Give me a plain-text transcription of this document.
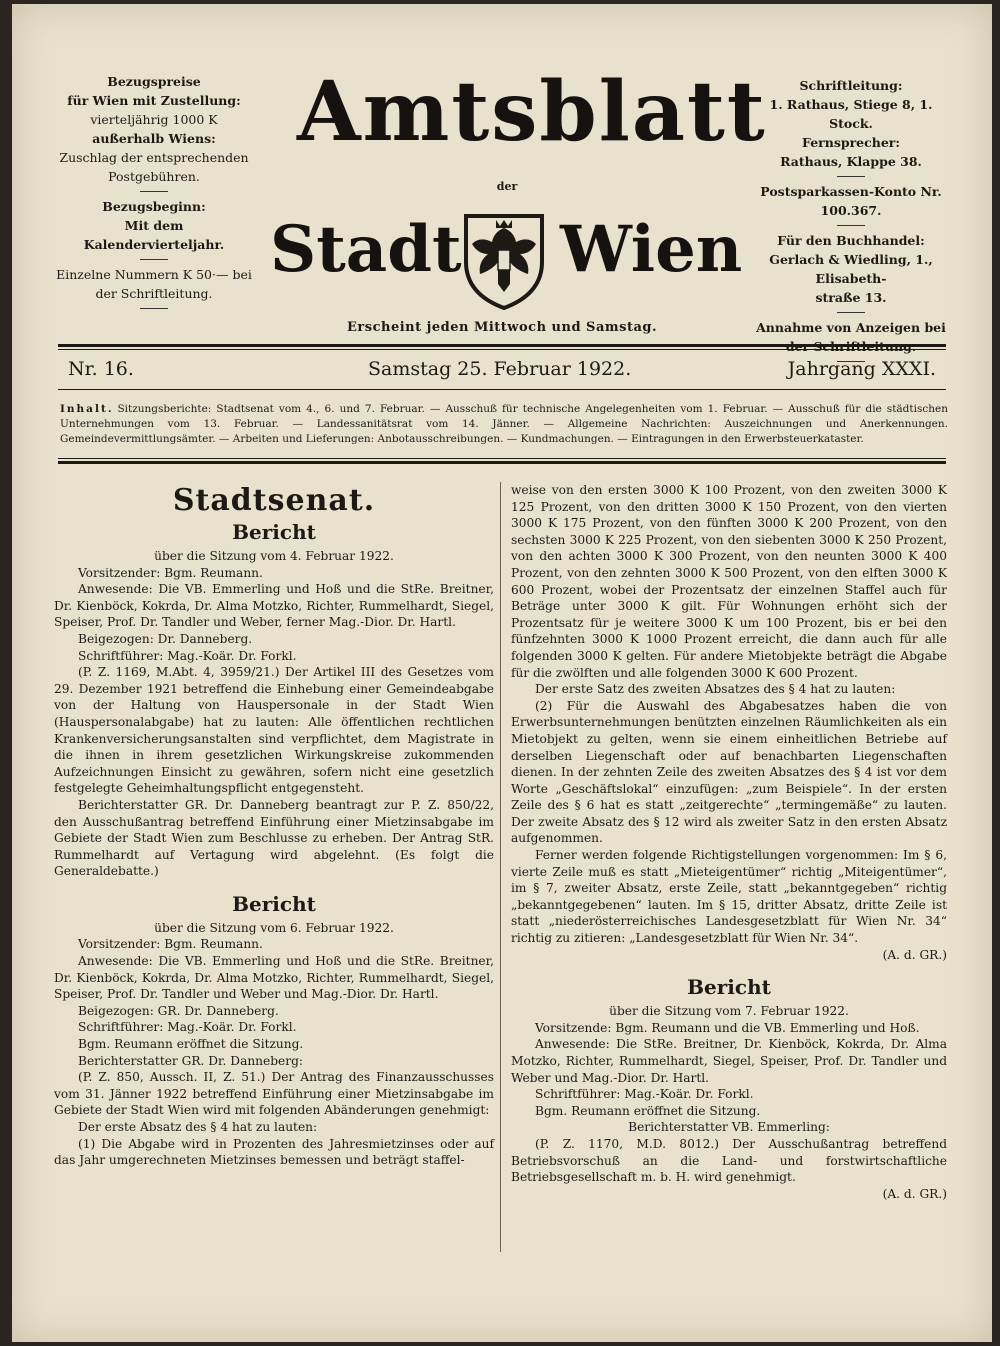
Bezugspreise
für Wien mit Zustellung:
vierteljährig 1000 K
außerhalb Wiens:
Zuschlag der entsprechenden
Postgebühren.
Bezugsbeginn:
Mit dem Kalendervierteljahr.
Einzelne Nummern K 50·— bei
der Schriftleitung.
Amtsblatt
der
Stadt Wien
Erscheint jeden Mittwoch und Samstag.
Schriftleitung:
1. Rathaus, Stiege 8, 1. Stock.
Fernsprecher:
Rathaus, Klappe 38.
Postsparkassen-Konto Nr. 100.367.
Für den Buchhandel:
Gerlach & Wiedling, 1., Elisabeth-
straße 13.
Annahme von Anzeigen bei
Nr. 16.	Samstag 25. Februar 1922.	Jahrgang XXXI.
Inhalt. Sitzungsberichte: Stadtsenat vom 4., 6. und 7. Februar. — Ausschuß für technische Angelegenheiten vom 1. Februar. — Ausschuß für die städtischen Unternehmungen vom 13. Februar. — Landessanitätsrat vom 14. Jänner. — Allgemeine Nachrichten: Auszeichnungen und Anerkennungen. Gemeindevermittlungsämter. — Arbeiten und Lieferungen: Anbotausschreibungen. — Kundmachungen. — Eintragungen in den Erwerbsteuerkataster.
Stadtsenat.
Bericht

über die Sitzung vom 4. Februar 1922.

Vorsitzender: Bgm. Reumann.

Anwesende: Die VB. Emmerling und Hoß und die StRe. Breitner, Dr. Kienböck, Kokrda, Dr. Alma Motzko, Richter, Rummelhardt, Siegel, Speiser, Prof. Dr. Tandler und Weber, ferner Mag.-Dior. Dr. Hartl.

Beigezogen: Dr. Danneberg.

Schriftführer: Mag.-Koär. Dr. Forkl.

(P. Z. 1169, M.Abt. 4, 3959/21.) Der Artikel III des Gesetzes vom 29. Dezember 1921 betreffend die Einhebung einer Gemeindeabgabe von der Haltung von Hauspersonale in der Stadt Wien (Hauspersonalabgabe) hat zu lauten: Alle öffentlichen rechtlichen Krankenversicherungsanstalten sind verpflichtet, dem Magistrate in die ihnen in ihrem gesetzlichen Wirkungskreise zukommenden Aufzeichnungen Einsicht zu gewähren, sofern nicht eine gesetzlich festgelegte Geheimhaltungspflicht entgegensteht.

Berichterstatter GR. Dr. Danneberg beantragt zur P. Z. 850/22, den Ausschußantrag betreffend Einführung einer Mietzinsabgabe im Gebiete der Stadt Wien zum Beschlusse zu erheben. Der Antrag StR. Rummelhardt auf Vertagung wird abgelehnt. (Es folgt die Generaldebatte.)

Bericht

über die Sitzung vom 6. Februar 1922.

Vorsitzender: Bgm. Reumann.

Anwesende: Die VB. Emmerling und Hoß und die StRe. Breitner, Dr. Kienböck, Kokrda, Dr. Alma Motzko, Richter, Rummelhardt, Siegel, Speiser, Prof. Dr. Tandler und Weber und Mag.-Dior. Dr. Hartl.

Beigezogen: GR. Dr. Danneberg.

Schriftführer: Mag.-Koär. Dr. Forkl.

Bgm. Reumann eröffnet die Sitzung.

Berichterstatter GR. Dr. Danneberg:

(P. Z. 850, Aussch. II, Z. 51.) Der Antrag des Finanzausschusses vom 31. Jänner 1922 betreffend Einführung einer Mietzinsabgabe im Gebiete der Stadt Wien wird mit folgenden Abänderungen genehmigt:

Der erste Absatz des § 4 hat zu lauten:

(1) Die Abgabe wird in Prozenten des Jahresmietzinses oder auf das Jahr umgerechneten Mietzinses bemessen und beträgt staffel-

weise von den ersten 3000 K 100 Prozent, von den zweiten 3000 K 125 Prozent, von den dritten 3000 K 150 Prozent, von den vierten 3000 K 175 Prozent, von den fünften 3000 K 200 Prozent, von den sechsten 3000 K 225 Prozent, von den siebenten 3000 K 250 Prozent, von den achten 3000 K 300 Prozent, von den neunten 3000 K 400 Prozent, von den zehnten 3000 K 500 Prozent, von den elften 3000 K 600 Prozent, wobei der Prozentsatz der einzelnen Staffel auch für Beträge unter 3000 K gilt. Für Wohnungen erhöht sich der Prozentsatz für je weitere 3000 K um 100 Prozent, bis er bei den fünfzehnten 3000 K 1000 Prozent erreicht, die dann auch für alle folgenden 3000 K gelten. Für andere Mietobjekte beträgt die Abgabe für die zwölften und alle folgenden 3000 K 600 Prozent.

Der erste Satz des zweiten Absatzes des § 4 hat zu lauten:

(2) Für die Auswahl des Abgabesatzes haben die von Erwerbsunternehmungen benützten einzelnen Räumlichkeiten als ein Mietobjekt zu gelten, wenn sie einem einheitlichen Betriebe auf derselben Liegenschaft oder auf benachbarten Liegenschaften dienen. In der zehnten Zeile des zweiten Absatzes des § 4 ist vor dem Worte „Geschäftslokal“ einzufügen: „zum Beispiele“. In der ersten Zeile des § 6 hat es statt „zeitgerechte“ „termingemäße“ zu lauten. Der zweite Absatz des § 12 wird als zweiter Satz in den ersten Absatz aufgenommen.

Ferner werden folgende Richtigstellungen vorgenommen: Im § 6, vierte Zeile muß es statt „Mieteigentümer“ richtig „Miteigentümer“, im § 7, zweiter Absatz, erste Zeile, statt „bekanntgegeben“ richtig „bekanntgegebenen“ lauten. Im § 15, dritter Absatz, dritte Zeile ist statt „niederösterreichisches Landesgesetzblatt für Wien Nr. 34“ richtig zu zitieren: „Landesgesetzblatt für Wien Nr. 34“.

(A. d. GR.)

Bericht

über die Sitzung vom 7. Februar 1922.

Vorsitzende: Bgm. Reumann und die VB. Emmerling und Hoß.

Anwesende: Die StRe. Breitner, Dr. Kienböck, Kokrda, Dr. Alma Motzko, Richter, Rummelhardt, Siegel, Speiser, Prof. Dr. Tandler und Weber und Mag.-Dior. Dr. Hartl.

Schriftführer: Mag.-Koär. Dr. Forkl.

Bgm. Reumann eröffnet die Sitzung.

Berichterstatter VB. Emmerling:

(P. Z. 1170, M.D. 8012.) Der Ausschußantrag betreffend Betriebsvorschuß an die Land- und forstwirtschaftliche Betriebsgesellschaft m. b. H. wird genehmigt.

(A. d. GR.)
